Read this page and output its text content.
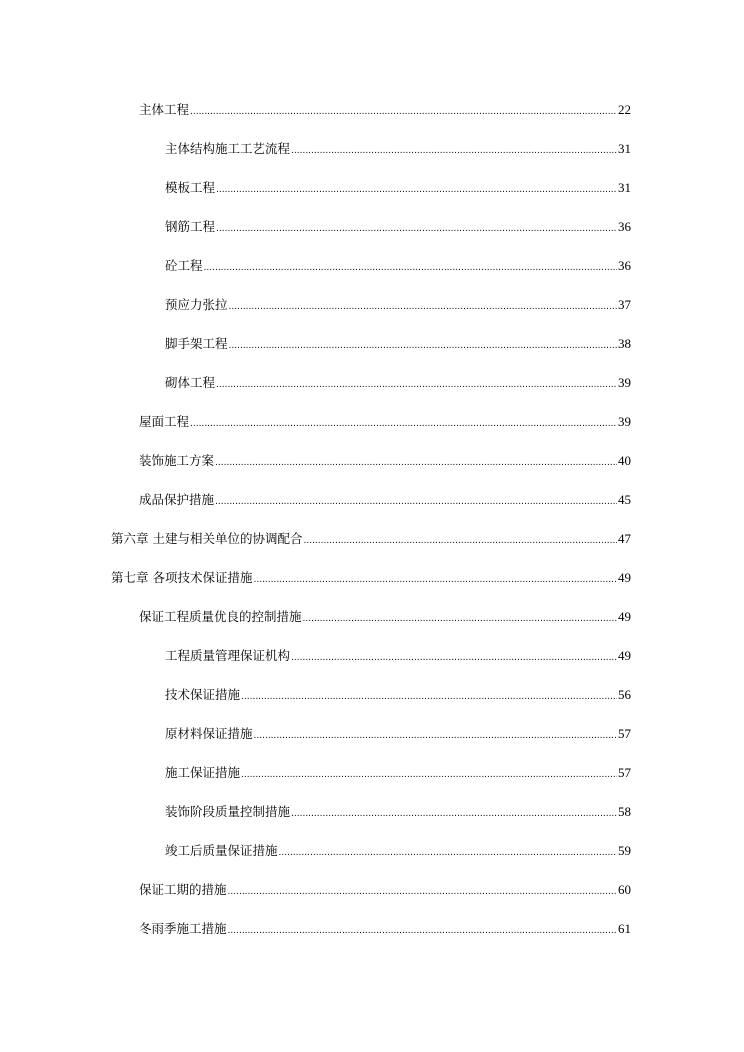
主体工程 .....	22
主体结构施工工艺流程 .....	31
模板工程 .....	31
钢筋工程 .....	36
砼工程 .....	36
预应力张拉 .....	37
脚手架工程 .....	38
砌体工程 .....	39
屋面工程 .....	39
装饰施工方案 .....	40
成品保护措施 .....	45
第六章 土建与相关单位的协调配合 .....	47
第七章 各项技术保证措施 .....	49
保证工程质量优良的控制措施 .....	49
工程质量管理保证机构 .....	49
技术保证措施 .....	56
原材料保证措施 .....	57
施工保证措施 .....	57
装饰阶段质量控制措施 .....	58
竣工后质量保证措施 .....	59
保证工期的措施 .....	60
冬雨季施工措施 .....	61
